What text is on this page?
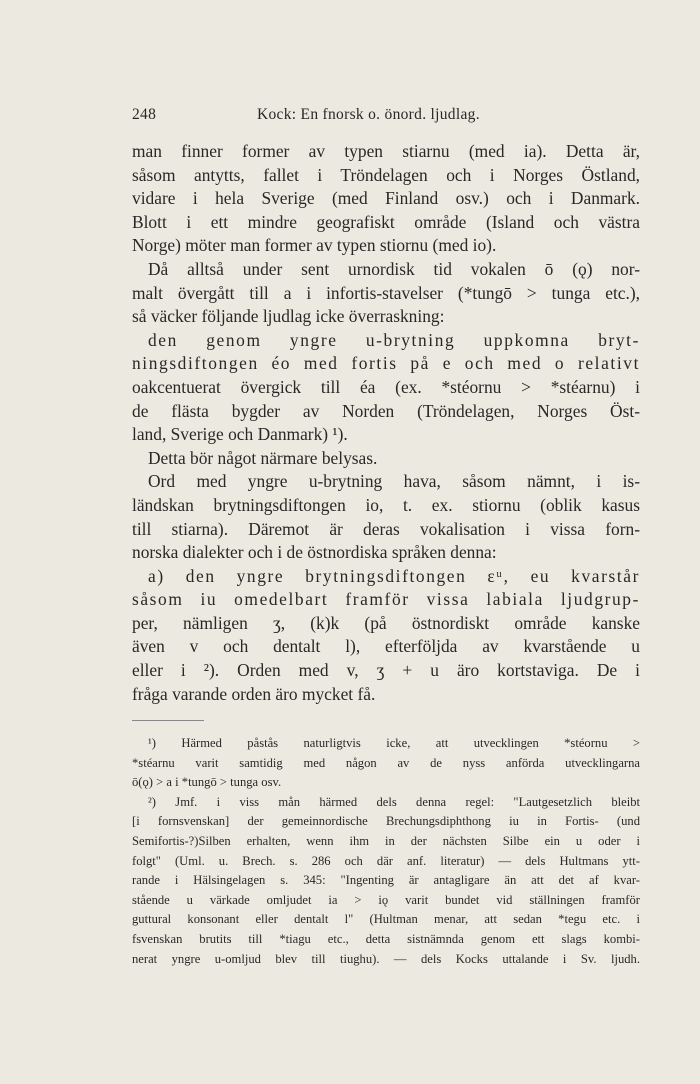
248	Kock: En fnorsk o. önord. ljudlag.
man finner former av typen stiarnu (med ia). Detta är,
såsom antytts, fallet i Tröndelagen och i Norges Östland,
vidare i hela Sverige (med Finland osv.) och i Danmark.
Blott i ett mindre geografiskt område (Island och västra
Norge) möter man former av typen stiornu (med io).
Då alltså under sent urnordisk tid vokalen ō (ǫ) nor-
malt övergått till a i infortis-stavelser (*tungō > tunga etc.),
så väcker följande ljudlag icke överraskning:
den genom yngre u-brytning uppkomna bryt-
ningsdiftongen éo med fortis på e och med o relativt
oakcentuerat övergick till éa (ex. *stéornu > *stéarnu) i
de flästa bygder av Norden (Tröndelagen, Norges Öst-
land, Sverige och Danmark) ¹).
Detta bör något närmare belysas.
Ord med yngre u-brytning hava, såsom nämnt, i is-
ländskan brytningsdiftongen io, t. ex. stiornu (oblik kasus
till stiarna). Däremot är deras vokalisation i vissa forn-
norska dialekter och i de östnordiska språken denna:
a) den yngre brytningsdiftongen ɛᵘ, eu kvarstår
såsom iu omedelbart framför vissa labiala ljudgrup-
per, nämligen ʒ, (k)k (på östnordiskt område kanske
även v och dentalt l), efterföljda av kvarstående u
eller i ²). Orden med v, ʒ + u äro kortstaviga. De i
fråga varande orden äro mycket få.
¹) Härmed påstås naturligtvis icke, att utvecklingen *stéornu >
*stéarnu varit samtidig med någon av de nyss anförda utvecklingarna
ō(ǫ) > a i *tungō > tunga osv.
²) Jmf. i viss mån härmed dels denna regel: "Lautgesetzlich bleibt
[i fornsvenskan] der gemeinnordische Brechungsdiphthong iu in Fortis- (und
Semifortis-?)Silben erhalten, wenn ihm in der nächsten Silbe ein u oder i
folgt" (Uml. u. Brech. s. 286 och där anf. literatur) — dels Hultmans ytt-
rande i Hälsingelagen s. 345: "Ingenting är antagligare än att det af kvar-
stående u värkade omljudet ia > iǫ varit bundet vid ställningen framför
guttural konsonant eller dentalt l" (Hultman menar, att sedan *tegu etc. i
fsvenskan brutits till *tiagu etc., detta sistnämnda genom ett slags kombi-
nerat yngre u-omljud blev till tiughu). — dels Kocks uttalande i Sv. ljudh.
